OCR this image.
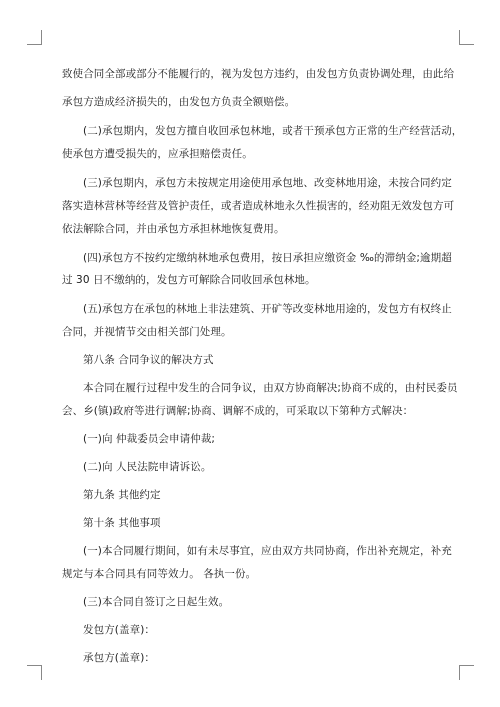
致使合同全部或部分不能履行的，视为发包方违约，由发包方负责协调处理，由此给
承包方造成经济损失的，由发包方负责全额赔偿。
(二)承包期内，发包方擅自收回承包林地，或者干预承包方正常的生产经营活动，
使承包方遭受损失的，应承担赔偿责任。
(三)承包期内，承包方未按规定用途使用承包地、改变林地用途，未按合同约定
落实造林营林等经营及管护责任，或者造成林地永久性损害的，经劝阻无效发包方可
依法解除合同，并由承包方承担林地恢复费用。
(四)承包方不按约定缴纳林地承包费用，按日承担应缴资金 ‰的滞纳金;逾期超
过 30 日不缴纳的，发包方可解除合同收回承包林地。
(五)承包方在承包的林地上非法建筑、开矿等改变林地用途的，发包方有权终止
合同，并视情节交由相关部门处理。
第八条 合同争议的解决方式
本合同在履行过程中发生的合同争议，由双方协商解决;协商不成的，由村民委员
会、乡(镇)政府等进行调解;协商、调解不成的，可采取以下第种方式解决：
(一)向 仲裁委员会申请仲裁;
(二)向 人民法院申请诉讼。
第九条 其他约定
第十条 其他事项
(一)本合同履行期间，如有未尽事宜，应由双方共同协商，作出补充规定，补充
规定与本合同具有同等效力。 各执一份。
(三)本合同自签订之日起生效。
发包方(盖章)：
承包方(盖章)：
